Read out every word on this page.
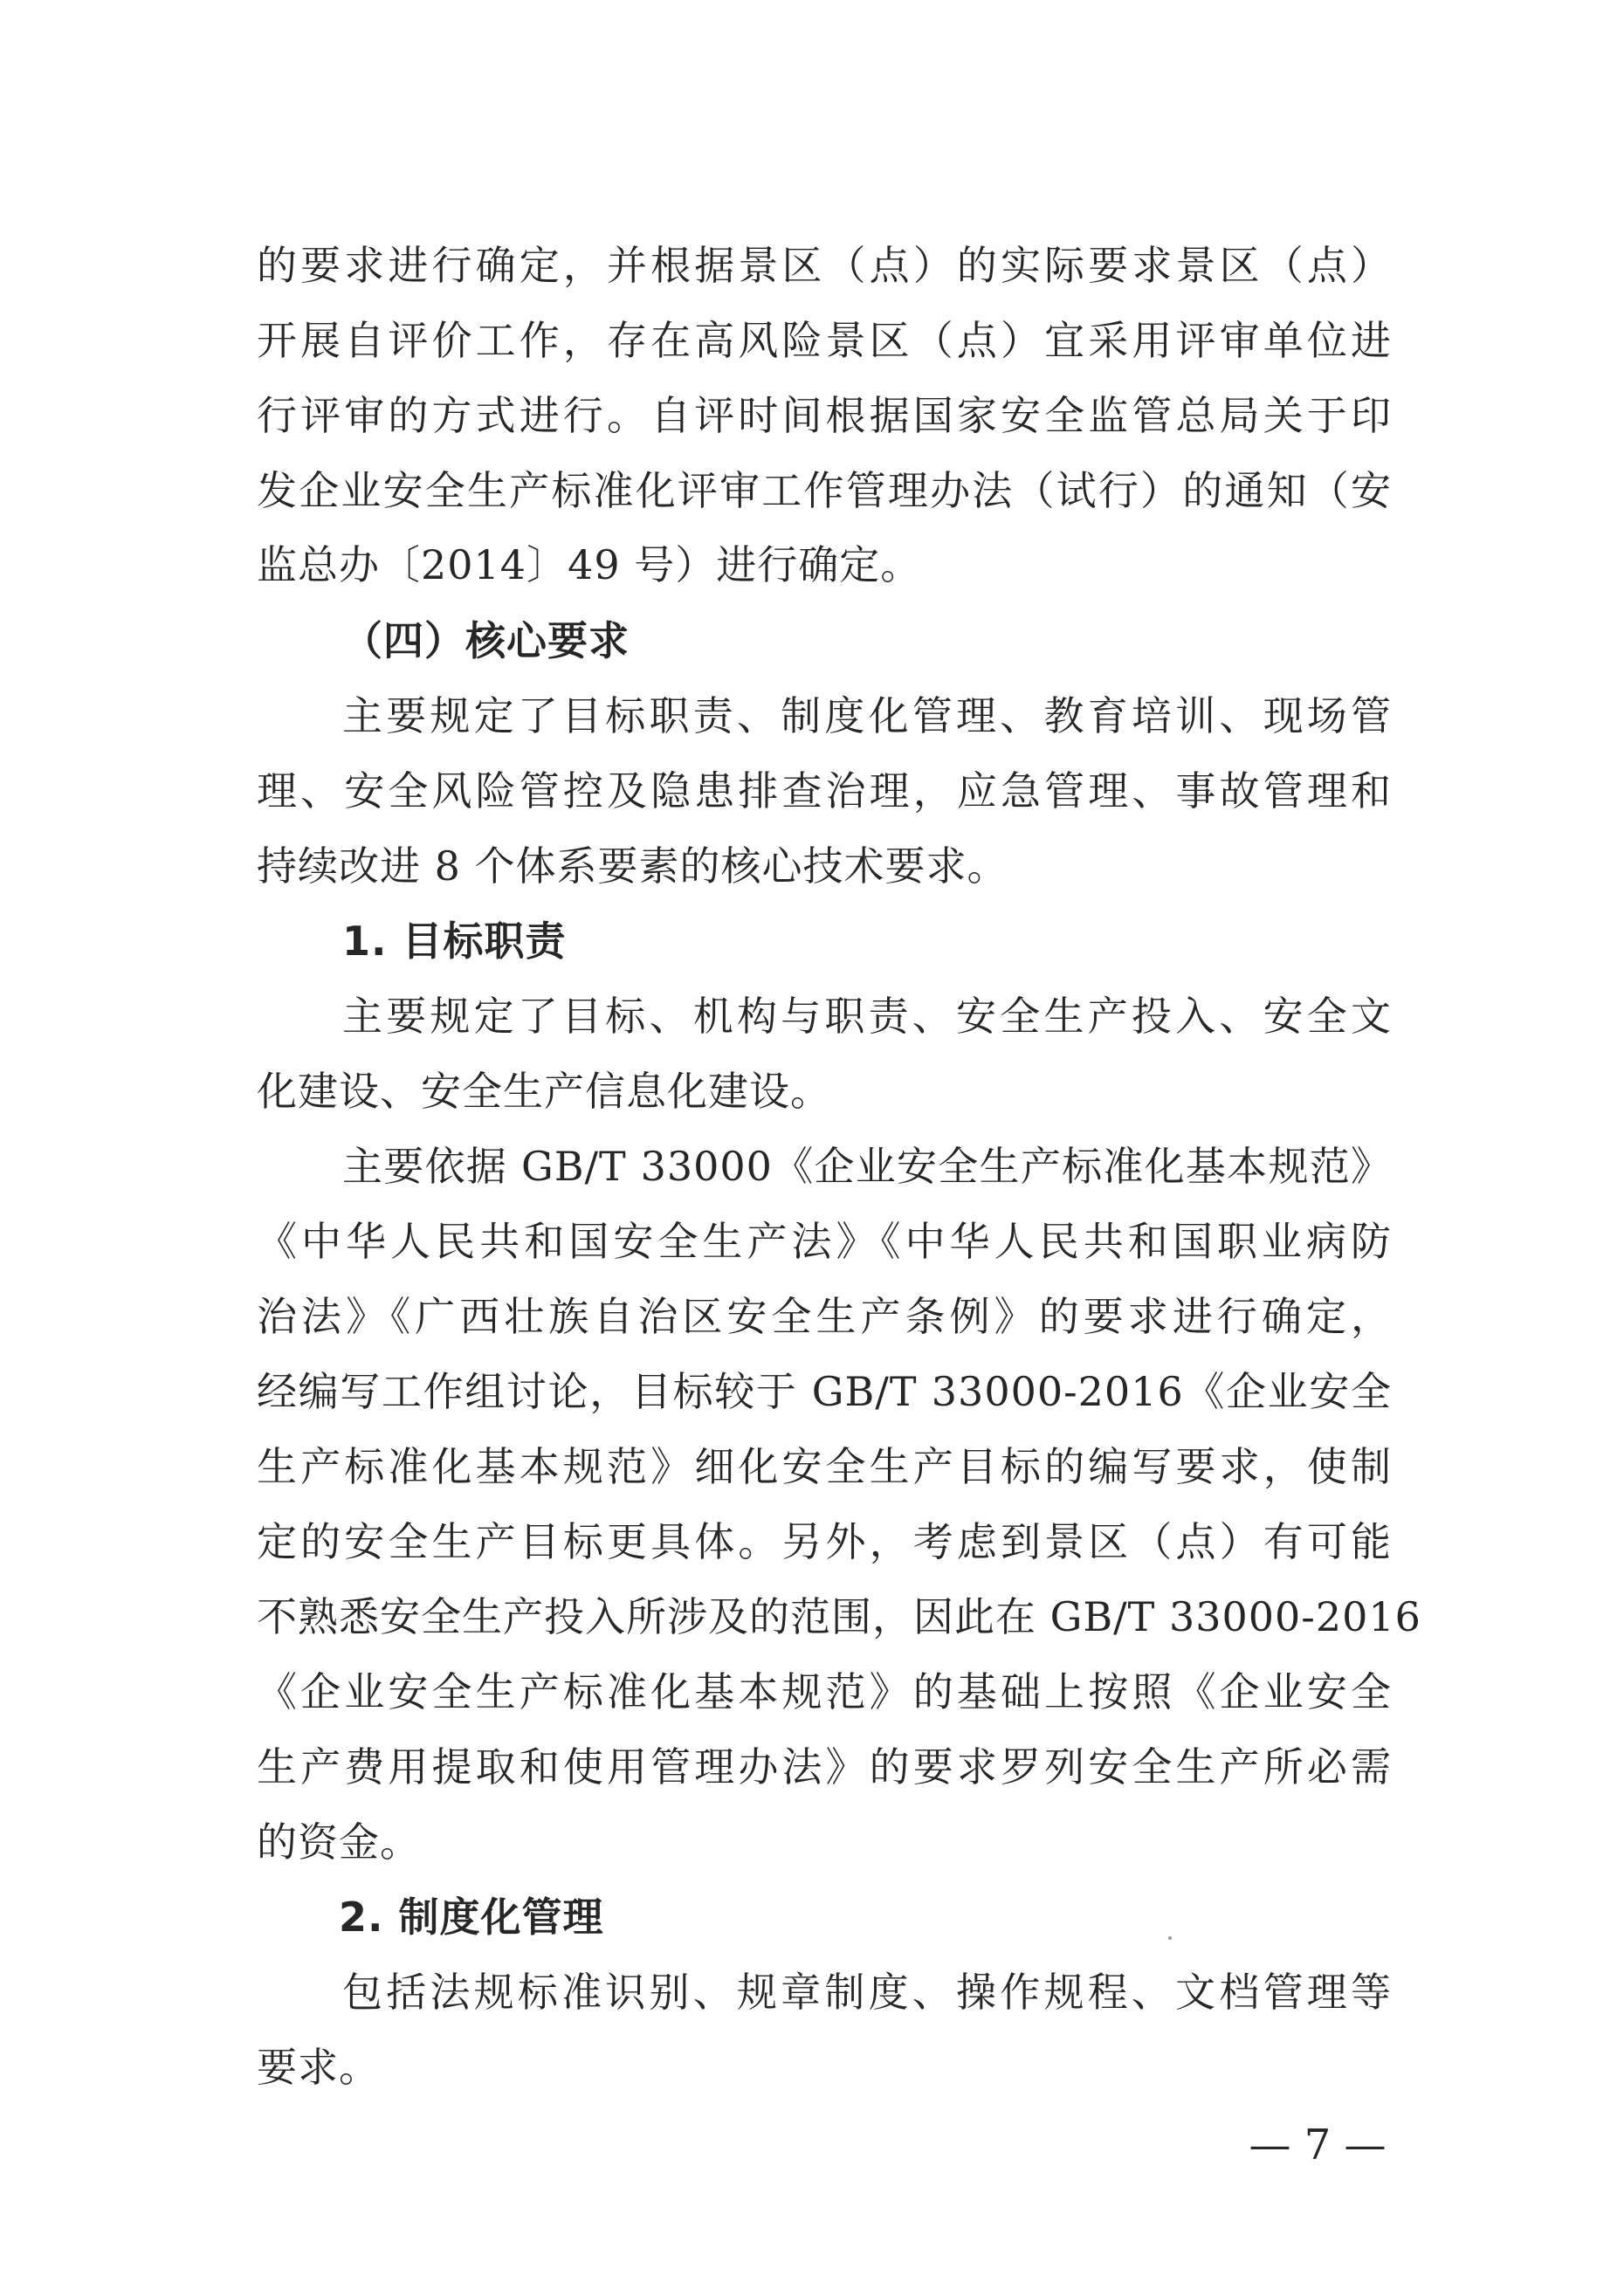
的要求进行确定，并根据景区（点）的实际要求景区（点）
开展自评价工作，存在高风险景区（点）宜采用评审单位进
行评审的方式进行。自评时间根据国家安全监管总局关于印
发企业安全生产标准化评审工作管理办法（试行）的通知（安
监总办〔2014〕49 号）进行确定。
（四）核心要求
主要规定了目标职责、制度化管理、教育培训、现场管
理、安全风险管控及隐患排查治理，应急管理、事故管理和
持续改进 8 个体系要素的核心技术要求。
1. 目标职责
主要规定了目标、机构与职责、安全生产投入、安全文
化建设、安全生产信息化建设。
主要依据 GB/T 33000《企业安全生产标准化基本规范》
《中华人民共和国安全生产法》《中华人民共和国职业病防
治法》《广西壮族自治区安全生产条例》的要求进行确定，
经编写工作组讨论，目标较于 GB/T 33000-2016《企业安全
生产标准化基本规范》细化安全生产目标的编写要求，使制
定的安全生产目标更具体。另外，考虑到景区（点）有可能
不熟悉安全生产投入所涉及的范围，因此在 GB/T 33000-2016
《企业安全生产标准化基本规范》的基础上按照《企业安全
生产费用提取和使用管理办法》的要求罗列安全生产所必需
的资金。
2. 制度化管理
包括法规标准识别、规章制度、操作规程、文档管理等
要求。
— 7 —
